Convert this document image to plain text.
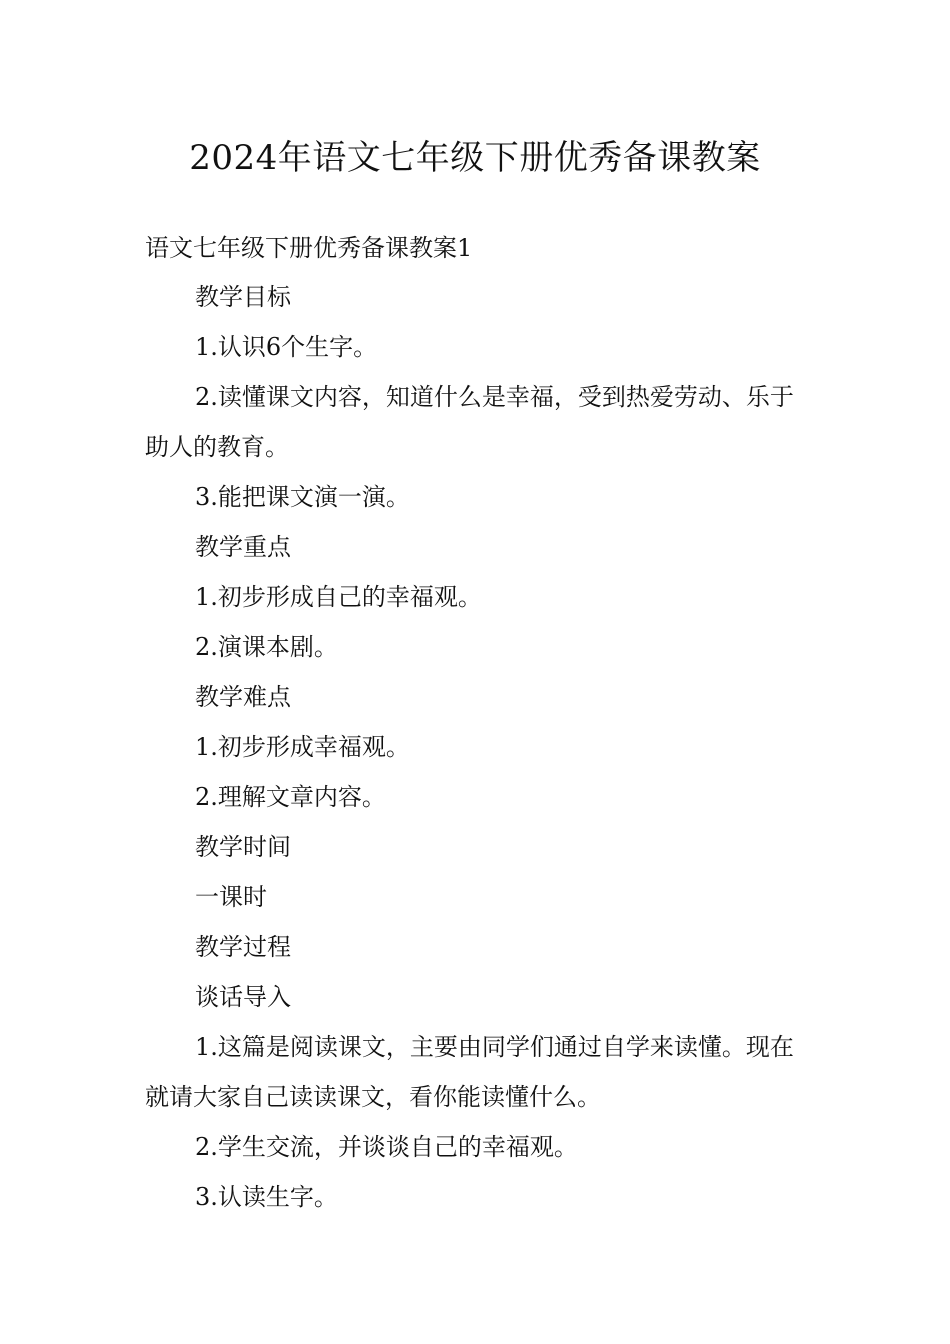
2024年语文七年级下册优秀备课教案
语文七年级下册优秀备课教案1

教学目标

1.认识6个生字。

2.读懂课文内容，知道什么是幸福，受到热爱劳动、乐于助人的教育。

3.能把课文演一演。

教学重点

1.初步形成自己的幸福观。

2.演课本剧。

教学难点

1.初步形成幸福观。

2.理解文章内容。

教学时间

一课时

教学过程

谈话导入

1.这篇是阅读课文，主要由同学们通过自学来读懂。现在就请大家自己读读课文，看你能读懂什么。

2.学生交流，并谈谈自己的幸福观。

3.认读生字。
